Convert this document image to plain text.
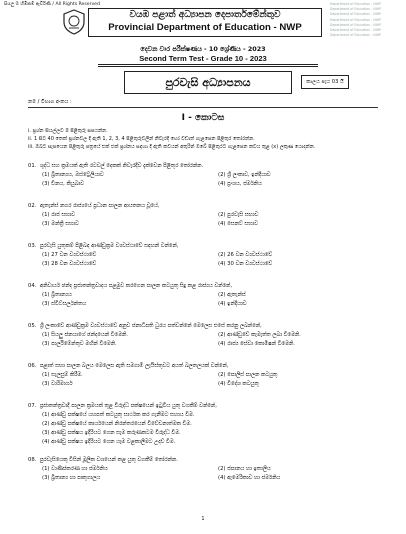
සියලු ම හිමිකම් ඇවිරිණි / All Rights Reserved
වයඹ පළාත් අධ්‍යාපන දෙපාර්තමේන්තුව
Provincial Department of Education - NWP
Department of Education - NWP
Department of Education - NWP
Department of Education - NWP
Department of Education - NWP
Department of Education - NWP
Department of Education - NWP
Department of Education - NWP
දෙවන වාර පරීක්ෂණය - 10 ශ්‍රේණිය - 2023
Second Term Test - Grade 10 - 2023
පුරවැසි අධ්‍යාපනය	කාලය පැය 03 යි
නම / විභාග අංකය :
I - කොටස
i. ප්‍රශ්න සියල්ලට ම පිළිතුරු සපයන්න.
ii. 1 සිට 40 තෙක් ප්‍රශ්නවල දී ඇති 1, 2, 3, 4 පිළිතුරුවලින් නිවැරදි හෝ වඩාත් ගැළපෙන පිළිතුර තෝරන්න.
iii. ඔබට සැපයෙන පිළිතුරු පත්‍රයේ එක් එක් ප්‍රශ්නය සඳහා දී ඇති කවයන් අතුරින් ඔබේ පිළිතුරට ගැළපෙන කවය තුළ (x) ලකුණ යොදන්න.
01. ශුද්ධ සහ ක්‍රමයක් ඇති රටවල් දෙකක් නිවැරදිව දැක්වෙන පිළිතුර තෝරන්න.
(1) බ්‍රිතාන්‍යය, ඔස්ට්‍රේලියාව	(2) ශ්‍රී ලංකාව, ඉන්දියාව
(3) චීනය, කියුබාව	(4) ප්‍රංශය, ජර්මනිය
02. ඇතැන්ස් නගර රාජ්‍යයේ ප්‍රධාන පාලන ආයතනය වූයේ,
(1) රාජ සභාව	(2) පුරවැසි සභාව
(3) මන්ත්‍රී සභාව	(4) සෙනට් සභාව
03. පුරවැසි යුතුකම් පිළිබඳ ආණ්ඩුක්‍රම ව්‍යවස්ථාවේ සඳහන් වන්නේ,
(1) 27 වන ව්‍යවස්ථාවේ	(2) 26 වන ව්‍යවස්ථාවේ
(3) 28 වන ව්‍යවස්ථාවේ	(4) 30 වන ව්‍යවස්ථාවේ
04. අනිවාර්ය ඡන්ද ප්‍රජාතන්ත්‍රවාදය පළමුව කරගෙන පාලන කටයුතු සිදු කළ රාජ්‍යය වන්නේ,
(1) බ්‍රිතාන්‍යය	(2) ඇතැන්ස්
(3) ස්විට්සර්ලන්තය	(4) ඉන්දියාව
05. ශ්‍රී ලංකාවේ ආණ්ඩුක්‍රම ව්‍යවස්ථාවේ අනුව ජනාධිපති ධුරය පත්වන්නේ මෙලෙස එසේ කරනු ලබන්නේ,
(1) සියලු ජනයාගේ ඡන්දයෙන් වීමෙනි.	(2) ආණ්ඩුවේ කැමැත්ත ලබා වීමෙනි.
(3) පාර්ලිමේන්තුව මඟින් වීමෙනි.	(4) රාජ්‍ය සේවා කොමිෂන් වීමෙනි.
06. පළාත් සභා පාලන බලය මෙලෙස ඇති සමගාමී ලැයිස්තුවට අයත් බලතලයක් වන්නේ,
(1) සැලසුම් කිරීම.	(2) පොලිස් පාලන කටයුතු
(3) වාරිමාර්ග	(4) විදේශ කටයුතු
07. ප්‍රජාතන්ත්‍රවාදී පාලන ක්‍රමයක් තුළ විරුද්ධ පක්ෂයෙන් ඉටුවිය යුතු වගකීම් වන්නේ,
(1) ආණ්ඩු පක්ෂයේ යහපත් කටයුතු සාර්ථක කර ගැනීමට සහාය වීම.
(2) ආණ්ඩු පක්ෂයේ කාර්යයෙන් නිරන්තරයෙන් විවේචනාත්මක වීම.
(3) ආණ්ඩු පක්ෂය ඉදිරියට ගෙන සැම කරුණකටම විරුද්ධ වීම.
(4) ආණ්ඩු පක්ෂය ඉදිරියට ගෙන යෑම වළකාලීමට උදව් වීම.
08. පුරවැසියෙකු විසින් මූලික වශයෙන් කළ යුතු වගකීම් තෝරන්න.
(1) වාණිජකරණ හා ජර්මනිය	(2) ජපානය හා ඉතාලිය
(3) බ්‍රිතාන්‍ය හා පෘතුගාලය	(4) ඇමෙරිකාව හා ජර්මනිය
1
